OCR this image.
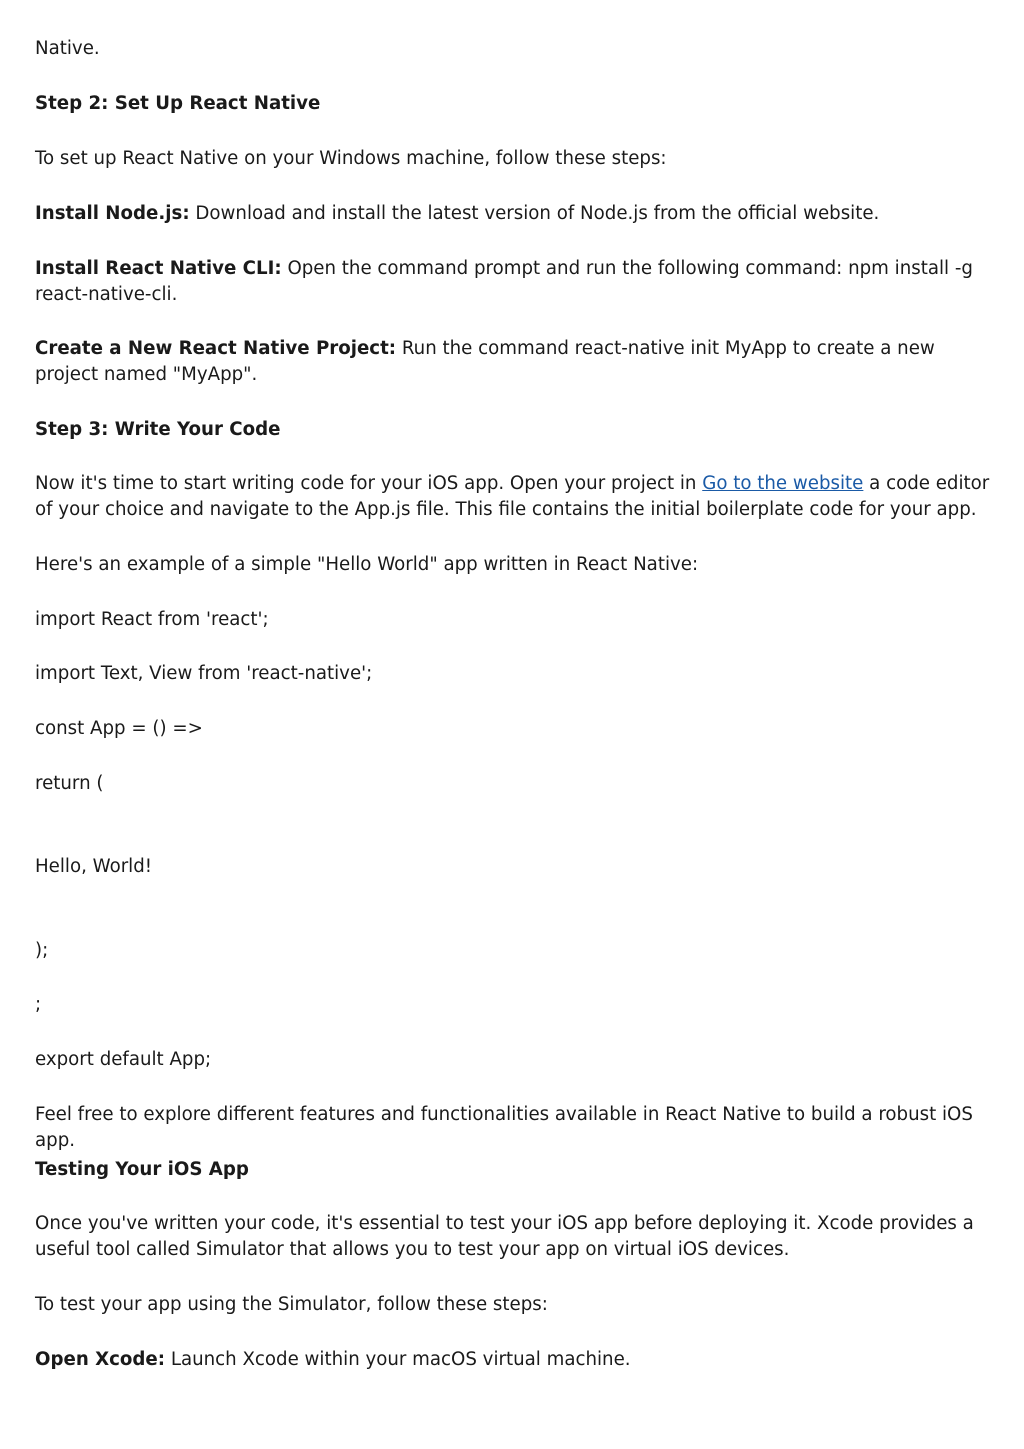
Native.

Step 2: Set Up React Native

To set up React Native on your Windows machine, follow these steps:

Install Node.js: Download and install the latest version of Node.js from the official website.

Install React Native CLI: Open the command prompt and run the following command: npm install -g react-native-cli.

Create a New React Native Project: Run the command react-native init MyApp to create a new project named "MyApp".

Step 3: Write Your Code

Now it's time to start writing code for your iOS app. Open your project in Go to the website a code editor of your choice and navigate to the App.js file. This file contains the initial boilerplate code for your app.

Here's an example of a simple "Hello World" app written in React Native:

import React from 'react';

import Text, View from 'react-native';

const App = () =>

return (

Hello, World!

);

;

export default App;

Feel free to explore different features and functionalities available in React Native to build a robust iOS app.

Testing Your iOS App

Once you've written your code, it's essential to test your iOS app before deploying it. Xcode provides a useful tool called Simulator that allows you to test your app on virtual iOS devices.

To test your app using the Simulator, follow these steps:

Open Xcode: Launch Xcode within your macOS virtual machine.
